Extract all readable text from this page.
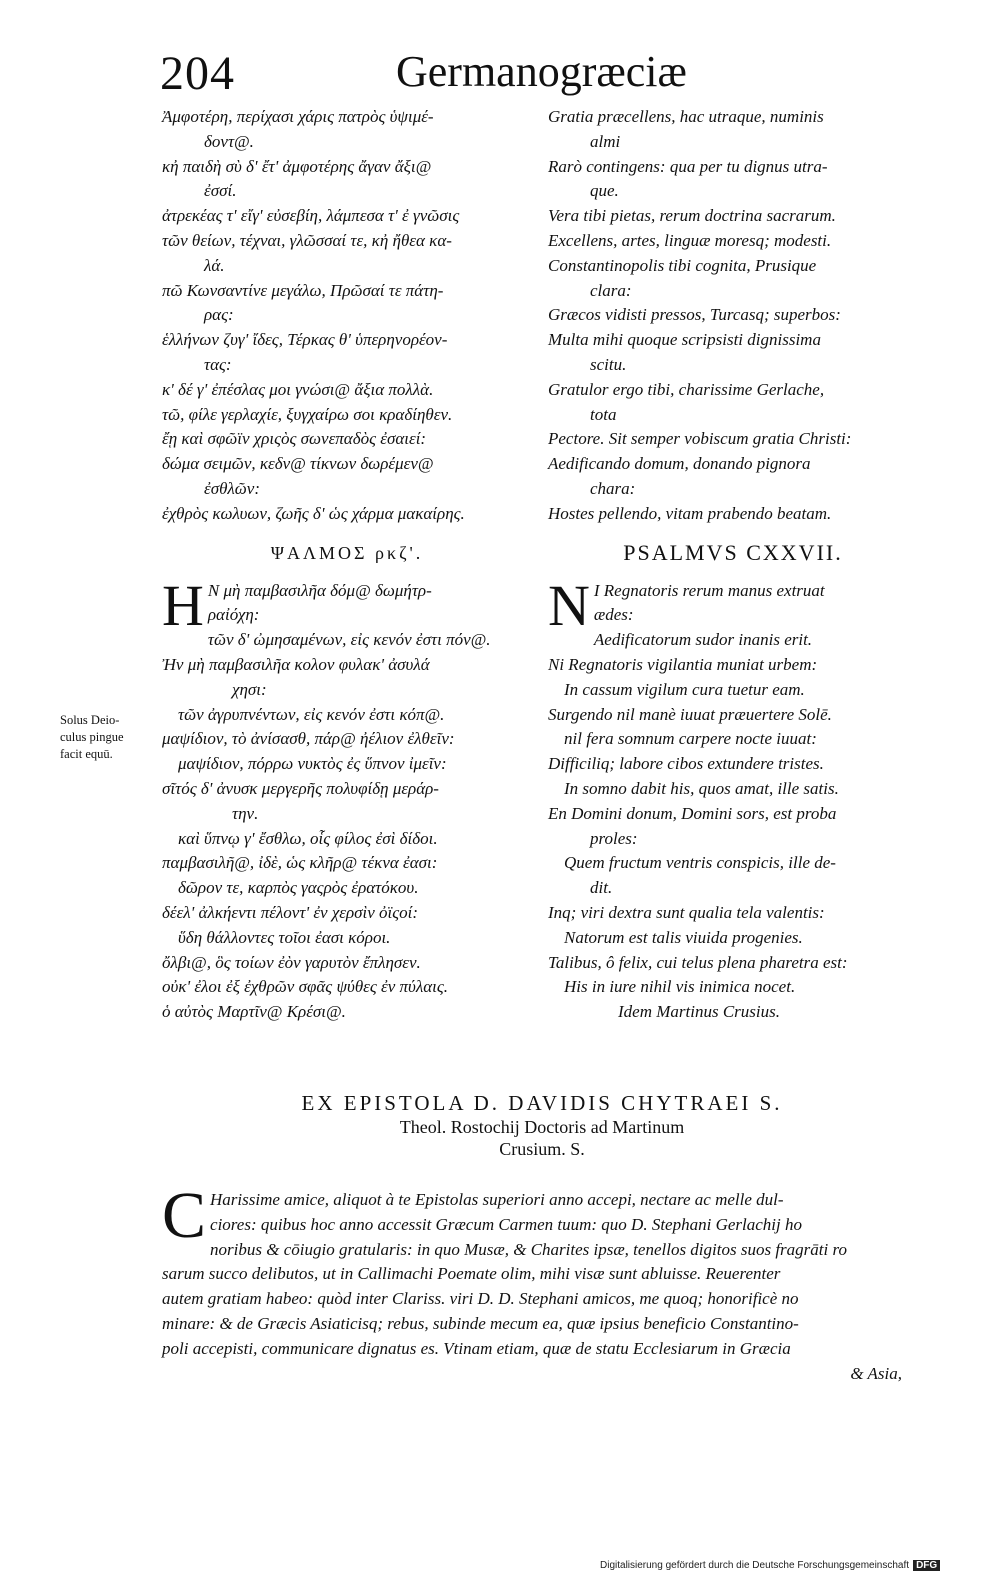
204	Germanogræciæ
Ἀμφοτέρη, περίχασι χάρις πατρὸς ὑψιμέ-
δοντ@.
κἠ παιδὴ σὺ δ' ἔτ' ἀμφοτέρης ἄγαν ἄξι@
ἐσσί.
ἀτρεκέας τ' εἴγ' εὐσεβίη, λάμπεσα τ' ἐ γνῶσις
τῶν θείων, τέχναι, γλῶσσαί τε, κἠ ἤθεα κα-
λά.
πῶ Κωνσαντίνε μεγάλω, Πρῶσαί τε πάτη-
ρας:
ἑλλήνων ζυγ' ἴδες, Τέρκας θ' ὑπερηνορέον-
τας:
κ' δέ γ' ἐπέσλας μοι γνώσι@ ἄξια πολλὰ.
τῶ, φίλε γερλαχίε, ξυγχαίρω σοι κραδίηθεν.
ἔῃ καὶ σφῶϊν χριςὸς σωνεπαδὸς ἐσαιεί:
δώμα σειμῶν, κεδν@ τίκνων δωρέμεν@
ἐσθλῶν:
ἐχθρὸς κωλυων, ζωῆς δ' ὡς χάρμα μακαίρης.
ΨΑΛΜΟΣ ρκζ'.
Η Ν μὴ παμβασιλῆα δόμ@ δωμήτρ-
ραἰόχη:
τῶν δ' ὠμησαμένων, εἰς κενόν ἐστι πόν@.
Ἠν μὴ παμβασιλῆα κολον φυλακ' ἀσυλά
χησι:
τῶν ἀγρυπνέντων, εἰς κενόν ἐστι κόπ@.
μαψίδιον, τὸ ἀνίσασθ, πάρ@ ἠέλιον ἐλθεῖν:
μαψίδιον, πόρρω νυκτὸς ἐς ὕπνον ἰμεῖν:
σῖτός δ' ἀνυσκ μεργερῆς πολυφίδῃ μεράρ-
την.
καὶ ὕπνῳ γ' ἔσθλω, οἷς φίλος ἐσὶ δίδοι.
παμβασιλῆ@, ἰδὲ, ὡς κλῆρ@ τέκνα ἐασι:
δῶρον τε, καρπὸς γαςρὸς ἐρατόκου.
δέελ' ἀλκήεντι πέλοντ' ἐν χερσὶν ὀϊςοί:
ὕδη θάλλοντες τοῖοι ἐασι κόροι.
ὄλβι@, ὃς τοίων ἐὸν γαρυτὸν ἔπλησεν.
οὐκ' ἐλοι ἐξ ἐχθρῶν σφᾶς ψύθες ἐν πύλαις.
ὁ αὐτὸς Μαρτῖν@ Κρέσι@.
Solus Deio-
culus pingue
facit equū.
Gratia præcellens, hac utraque, numinis
almi
Rarò contingens: qua per tu dignus utra-
que.
Vera tibi pietas, rerum doctrina sacrarum.
Excellens, artes, linguæ moresq; modesti.
Constantinopolis tibi cognita, Prusique
clara:
Græcos vidisti pressos, Turcasq; superbos:
Multa mihi quoque scripsisti dignissima
scitu.
Gratulor ergo tibi, charissime Gerlache,
tota
Pectore. Sit semper vobiscum gratia Christi:
Aedificando domum, donando pignora
chara:
Hostes pellendo, vitam prabendo beatam.
PSALMVS CXXVII.
N I Regnatoris rerum manus extruat
ædes:
Aedificatorum sudor inanis erit.
Ni Regnatoris vigilantia muniat urbem:
In cassum vigilum cura tuetur eam.
Surgendo nil manè iuuat præuertere Solē.
nil fera somnum carpere nocte iuuat:
Difficiliq; labore cibos extundere tristes.
In somno dabit his, quos amat, ille satis.
En Domini donum, Domini sors, est proba
proles:
Quem fructum ventris conspicis, ille de-
dit.
Inq; viri dextra sunt qualia tela valentis:
Natorum est talis viuida progenies.
Talibus, ô felix, cui telus plena pharetra est:
His in iure nihil vis inimica nocet.
Idem Martinus Crusius.
EX EPISTOLA D. DAVIDIS CHYTRAEI S.
Theol. Rostochij Doctoris ad Martinum
Crusium. S.
C Harissime amice, aliquot à te Epistolas superiori anno accepi, nectare ac melle dul-
ciores: quibus hoc anno accessit Græcum Carmen tuum: quo D. Stephani Gerlachij ho
noribus & cōiugio gratularis: in quo Musæ, & Charites ipsæ, tenellos digitos suos fragrāti ro
sarum succo delibutos, ut in Callimachi Poemate olim, mihi visæ sunt abluisse. Reuerenter
autem gratiam habeo: quòd inter Clariss. viri D. D. Stephani amicos, me quoq; honorificè no
minare: & de Græcis Asiaticisq; rebus, subinde mecum ea, quæ ipsius beneficio Constantino-
poli accepisti, communicare dignatus es. Vtinam etiam, quæ de statu Ecclesiarum in Græcia
& Asia,
Digitalisierung gefördert durch die Deutsche Forschungsgemeinschaft DFG
